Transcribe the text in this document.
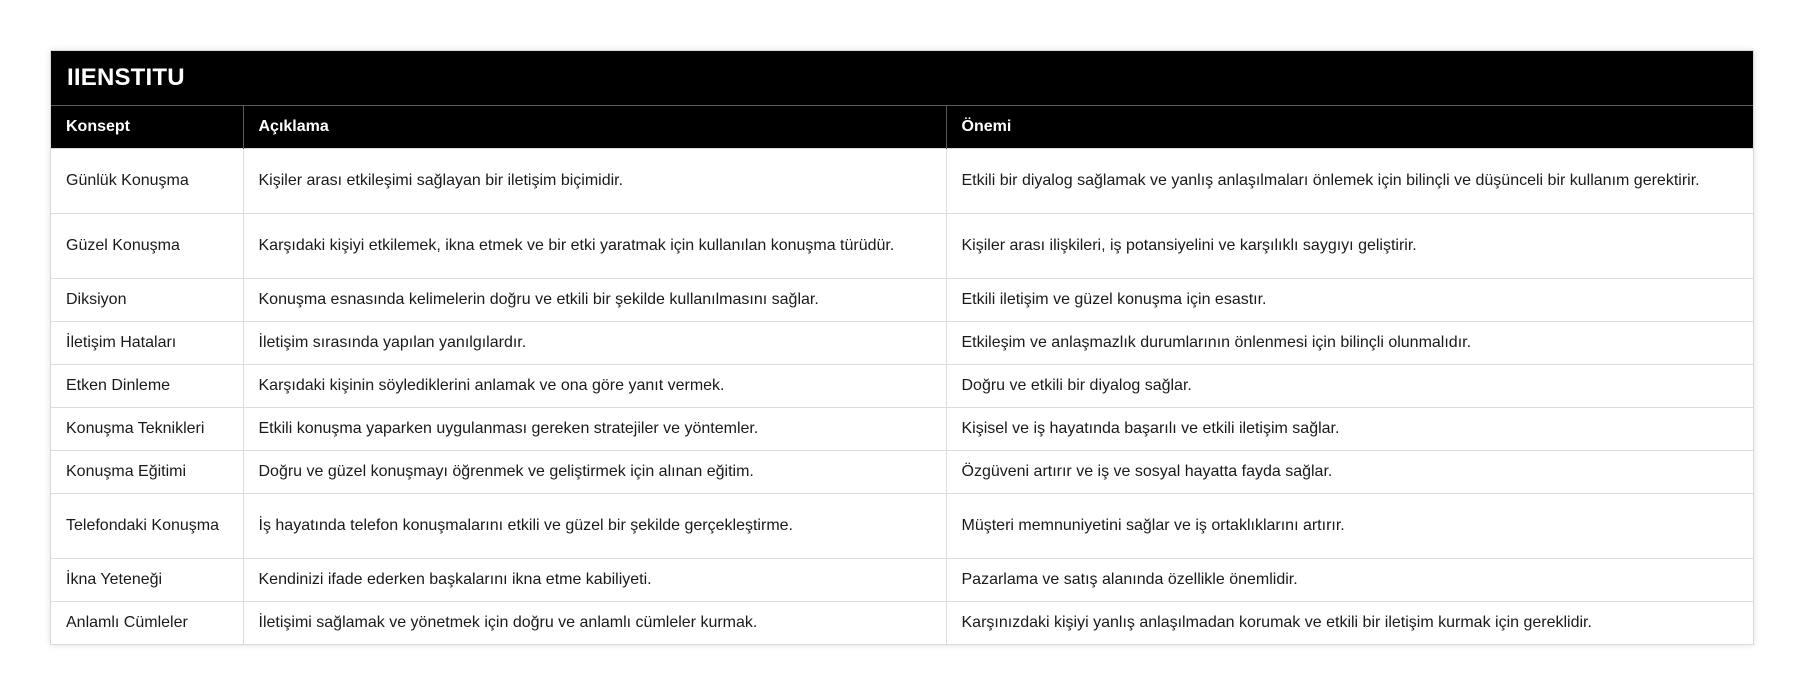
IIENSTITU
Konsept	Açıklama	Önemi
Günlük Konuşma	Kişiler arası etkileşimi sağlayan bir iletişim biçimidir.	Etkili bir diyalog sağlamak ve yanlış anlaşılmaları önlemek için bilinçli ve düşünceli bir kullanım gerektirir.
Güzel Konuşma	Karşıdaki kişiyi etkilemek, ikna etmek ve bir etki yaratmak için kullanılan konuşma türüdür.	Kişiler arası ilişkileri, iş potansiyelini ve karşılıklı saygıyı geliştirir.
Diksiyon	Konuşma esnasında kelimelerin doğru ve etkili bir şekilde kullanılmasını sağlar.	Etkili iletişim ve güzel konuşma için esastır.
İletişim Hataları	İletişim sırasında yapılan yanılgılardır.	Etkileşim ve anlaşmazlık durumlarının önlenmesi için bilinçli olunmalıdır.
Etken Dinleme	Karşıdaki kişinin söylediklerini anlamak ve ona göre yanıt vermek.	Doğru ve etkili bir diyalog sağlar.
Konuşma Teknikleri	Etkili konuşma yaparken uygulanması gereken stratejiler ve yöntemler.	Kişisel ve iş hayatında başarılı ve etkili iletişim sağlar.
Konuşma Eğitimi	Doğru ve güzel konuşmayı öğrenmek ve geliştirmek için alınan eğitim.	Özgüveni artırır ve iş ve sosyal hayatta fayda sağlar.
Telefondaki Konuşma	İş hayatında telefon konuşmalarını etkili ve güzel bir şekilde gerçekleştirme.	Müşteri memnuniyetini sağlar ve iş ortaklıklarını artırır.
İkna Yeteneği	Kendinizi ifade ederken başkalarını ikna etme kabiliyeti.	Pazarlama ve satış alanında özellikle önemlidir.
Anlamlı Cümleler	İletişimi sağlamak ve yönetmek için doğru ve anlamlı cümleler kurmak.	Karşınızdaki kişiyi yanlış anlaşılmadan korumak ve etkili bir iletişim kurmak için gereklidir.
